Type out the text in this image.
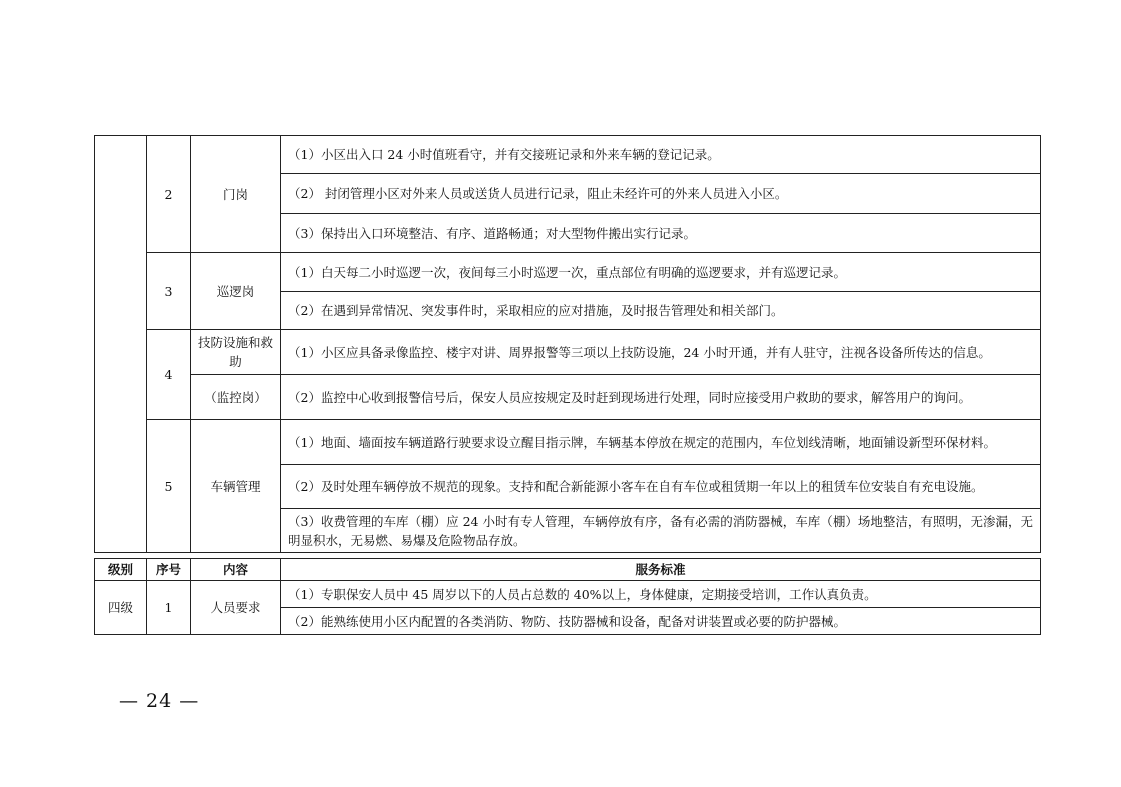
	2	门岗	（1）小区出入口 24 小时值班看守，并有交接班记录和外来车辆的登记记录。
			（2） 封闭管理小区对外来人员或送货人员进行记录，阻止未经许可的外来人员进入小区。
			（3）保持出入口环境整洁、有序、道路畅通；对大型物件搬出实行记录。
	3	巡逻岗	（1）白天每二小时巡逻一次，夜间每三小时巡逻一次，重点部位有明确的巡逻要求，并有巡逻记录。
			（2）在遇到异常情况、突发事件时，采取相应的应对措施，及时报告管理处和相关部门。
	4	技防设施和救助	（1）小区应具备录像监控、楼宇对讲、周界报警等三项以上技防设施，24 小时开通，并有人驻守，注视各设备所传达的信息。
		（监控岗）	（2）监控中心收到报警信号后，保安人员应按规定及时赶到现场进行处理，同时应接受用户救助的要求，解答用户的询问。
	5	车辆管理	（1）地面、墙面按车辆道路行驶要求设立醒目指示牌，车辆基本停放在规定的范围内，车位划线清晰，地面铺设新型环保材料。
			（2）及时处理车辆停放不规范的现象。支持和配合新能源小客车在自有车位或租赁期一年以上的租赁车位安装自有充电设施。
			（3）收费管理的车库（棚）应 24 小时有专人管理，车辆停放有序，备有必需的消防器械，车库（棚）场地整洁，有照明，无渗漏，无明显积水，无易燃、易爆及危险物品存放。
级别	序号	内容	服务标准
四级	1	人员要求	（1）专职保安人员中 45 周岁以下的人员占总数的 40%以上，身体健康，定期接受培训，工作认真负责。
			（2）能熟练使用小区内配置的各类消防、物防、技防器械和设备，配备对讲装置或必要的防护器械。
— 24 —
